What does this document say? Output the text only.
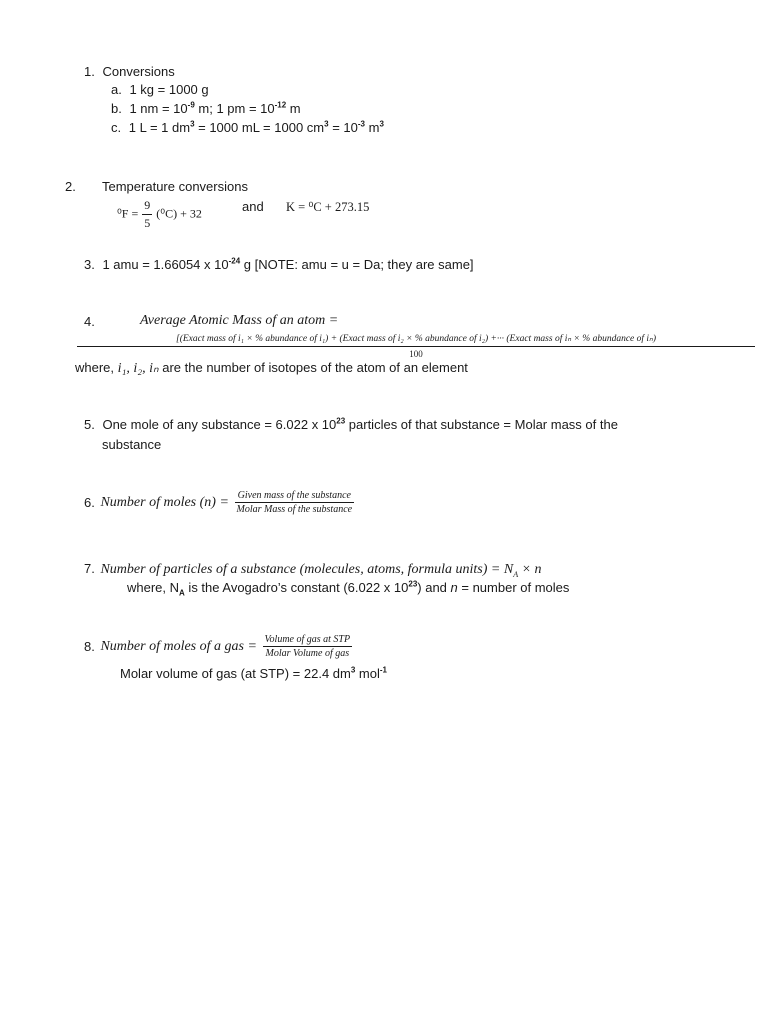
1. Conversions
a. 1 kg = 1000 g
b. 1 nm = $10^{-9}$ m; 1 pm = $10^{-12}$ m
c. 1 L = 1 $dm^3 = 1000$ mL = 1000 $cm^3 = 10^{-3}$ $m^3$
2. Temperature conversions
$^0F = \frac{9}{5} (^0C) + 32$	and K = ⁰C + 273.15
3. 1 amu = 1.66054 x $10^{-24}$ g [NOTE: amu = u = Da; they are same]
4.	Average Atomic Mass of an atom =
[(Exact mass of i₁ × % abundance of i₁) + (Exact mass of i₂ × % abundance of i₂) +··· (Exact mass of iₙ × % abundance of iₙ)
100
where, i₁, i₂, iₙ are the number of isotopes of the atom of an element
5. One mole of any substance = 6.022 x $10^{23}$ particles of that substance = Molar mass of the
substance
6. Number of moles $(n) = \frac{\text{Given mass of the substance}}{\text{Molar Mass of the substance}}$
7. Number of particles of a substance (molecules, atoms, formula units) = $N_A \times n$
where, $N_A$ is the Avogadro’s constant (6.022 x $10^{23}$) and n = number of moles
8. Number of moles of a gas = $\frac{\text{Volume of gas at STP}}{\text{Molar Volume of gas}}$
Molar volume of gas (at STP) = 22.4 $dm^3$ mol$^{-1}$
